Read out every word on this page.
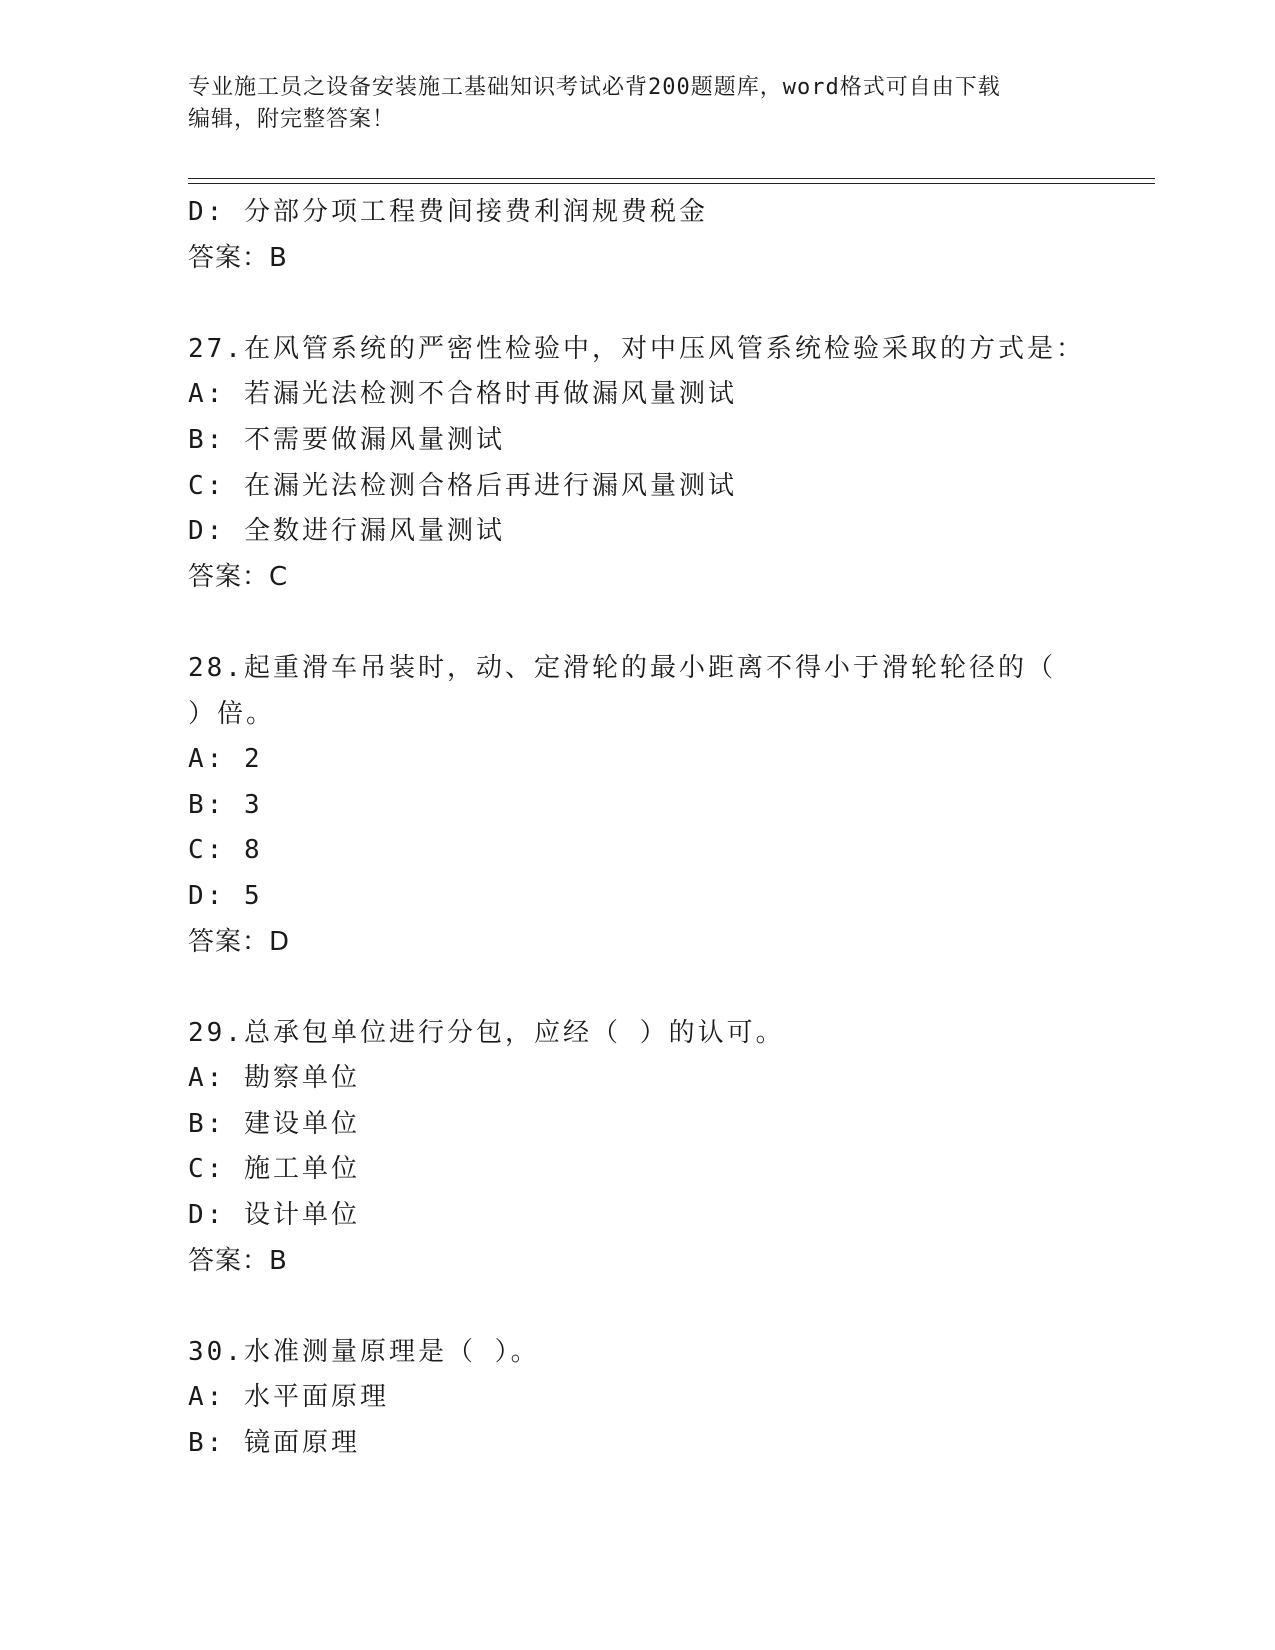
专业施工员之设备安装施工基础知识考试必背200题题库，word格式可自由下载
编辑，附完整答案！
D: 分部分项工程费间接费利润规费税金
答案：B
27.在风管系统的严密性检验中，对中压风管系统检验采取的方式是：
A: 若漏光法检测不合格时再做漏风量测试
B: 不需要做漏风量测试
C: 在漏光法检测合格后再进行漏风量测试
D: 全数进行漏风量测试
答案：C
28.起重滑车吊装时，动、定滑轮的最小距离不得小于滑轮轮径的（
）倍。
A: 2
B: 3
C: 8
D: 5
答案：D
29.总承包单位进行分包，应经（ ）的认可。
A: 勘察单位
B: 建设单位
C: 施工单位
D: 设计单位
答案：B
30.水准测量原理是（ ）。
A: 水平面原理
B: 镜面原理
